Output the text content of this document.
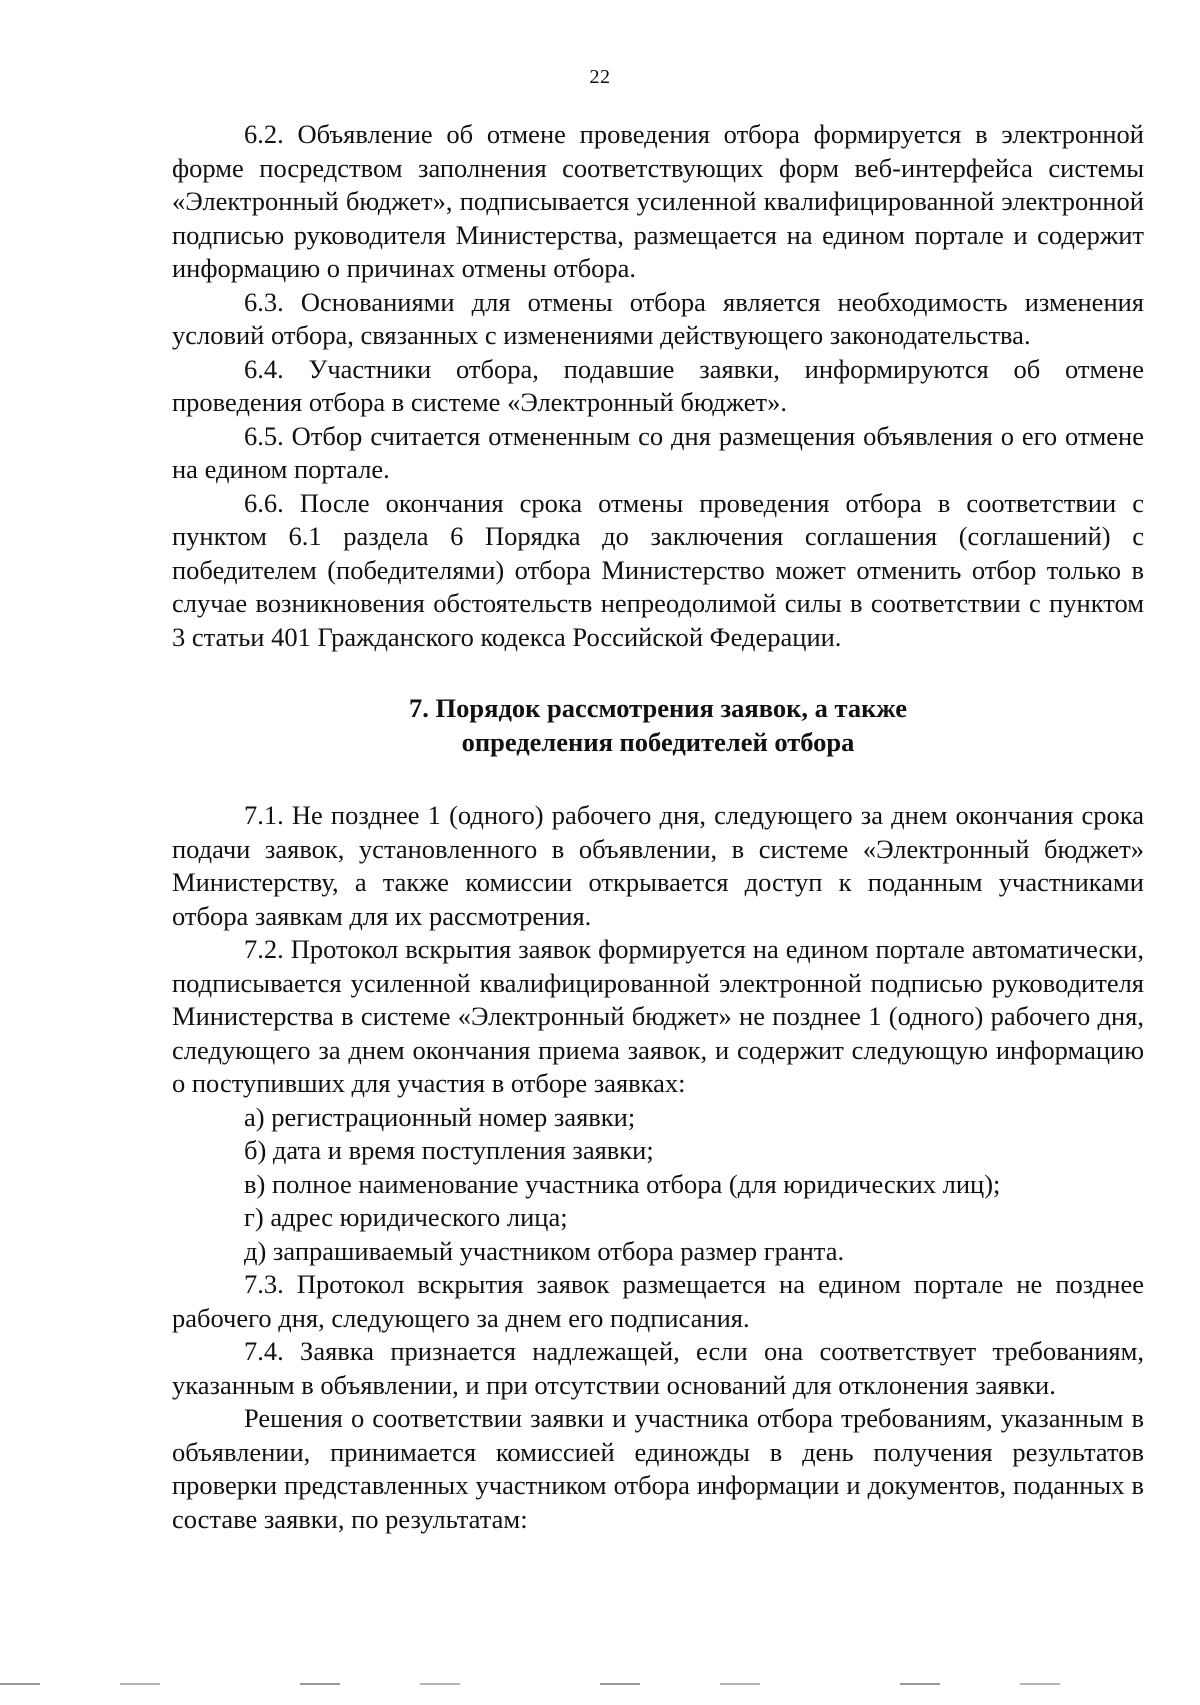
22

6.2. Объявление об отмене проведения отбора формируется в электронной форме посредством заполнения соответствующих форм веб-интерфейса системы «Электронный бюджет», подписывается усиленной квалифицированной электронной подписью руководителя Министерства, размещается на едином портале и содержит информацию о причинах отмены отбора.

6.3. Основаниями для отмены отбора является необходимость изменения условий отбора, связанных с изменениями действующего законодательства.

6.4. Участники отбора, подавшие заявки, информируются об отмене проведения отбора в системе «Электронный бюджет».

6.5. Отбор считается отмененным со дня размещения объявления о его отмене на едином портале.

6.6. После окончания срока отмены проведения отбора в соответствии с пунктом 6.1 раздела 6 Порядка до заключения соглашения (соглашений) с победителем (победителями) отбора Министерство может отменить отбор только в случае возникновения обстоятельств непреодолимой силы в соответствии с пунктом 3 статьи 401 Гражданского кодекса Российской Федерации.

7. Порядок рассмотрения заявок, а также
определения победителей отбора

7.1. Не позднее 1 (одного) рабочего дня, следующего за днем окончания срока подачи заявок, установленного в объявлении, в системе «Электронный бюджет» Министерству, а также комиссии открывается доступ к поданным участниками отбора заявкам для их рассмотрения.

7.2. Протокол вскрытия заявок формируется на едином портале автоматически, подписывается усиленной квалифицированной электронной подписью руководителя Министерства в системе «Электронный бюджет» не позднее 1 (одного) рабочего дня, следующего за днем окончания приема заявок, и содержит следующую информацию о поступивших для участия в отборе заявках:

а) регистрационный номер заявки;

б) дата и время поступления заявки;

в) полное наименование участника отбора (для юридических лиц);

г) адрес юридического лица;

д) запрашиваемый участником отбора размер гранта.

7.3. Протокол вскрытия заявок размещается на едином портале не позднее рабочего дня, следующего за днем его подписания.

7.4. Заявка признается надлежащей, если она соответствует требованиям, указанным в объявлении, и при отсутствии оснований для отклонения заявки.

Решения о соответствии заявки и участника отбора требованиям, указанным в объявлении, принимается комиссией единожды в день получения результатов проверки представленных участником отбора информации и документов, поданных в составе заявки, по результатам:
